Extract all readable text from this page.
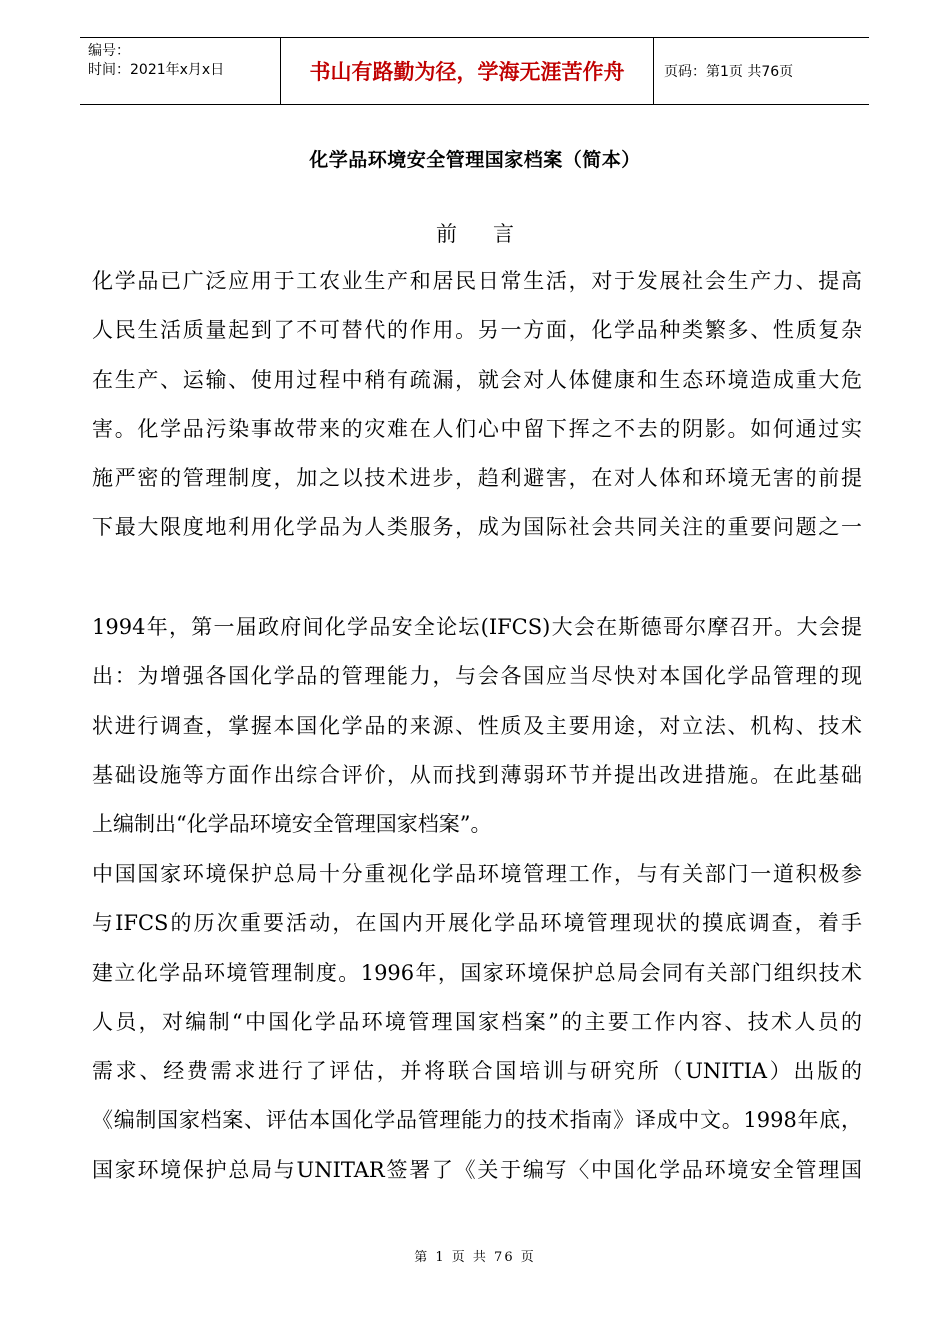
编号：
时间：2021年x月x日	书山有路勤为径，学海无涯苦作舟	页码：第1页 共76页
化学品环境安全管理国家档案（简本）
前言
化学品已广泛应用于工农业生产和居民日常生活，对于发展社会生产力、提高
人民生活质量起到了不可替代的作用。另一方面，化学品种类繁多、性质复杂
在生产、运输、使用过程中稍有疏漏，就会对人体健康和生态环境造成重大危
害。化学品污染事故带来的灾难在人们心中留下挥之不去的阴影。如何通过实
施严密的管理制度，加之以技术进步，趋利避害，在对人体和环境无害的前提
下最大限度地利用化学品为人类服务，成为国际社会共同关注的重要问题之一
1994年，第一届政府间化学品安全论坛(IFCS)大会在斯德哥尔摩召开。大会提
出：为增强各国化学品的管理能力，与会各国应当尽快对本国化学品管理的现
状进行调查，掌握本国化学品的来源、性质及主要用途，对立法、机构、技术
基础设施等方面作出综合评价，从而找到薄弱环节并提出改进措施。在此基础
上编制出“化学品环境安全管理国家档案”。
中国国家环境保护总局十分重视化学品环境管理工作，与有关部门一道积极参
与IFCS的历次重要活动，在国内开展化学品环境管理现状的摸底调查，着手
建立化学品环境管理制度。1996年，国家环境保护总局会同有关部门组织技术
人员，对编制“中国化学品环境管理国家档案”的主要工作内容、技术人员的
需求、经费需求进行了评估，并将联合国培训与研究所（UNITIA）出版的
《编制国家档案、评估本国化学品管理能力的技术指南》译成中文。1998年底，
国家环境保护总局与UNITAR签署了《关于编写〈中国化学品环境安全管理国
第 1 页 共 76 页
